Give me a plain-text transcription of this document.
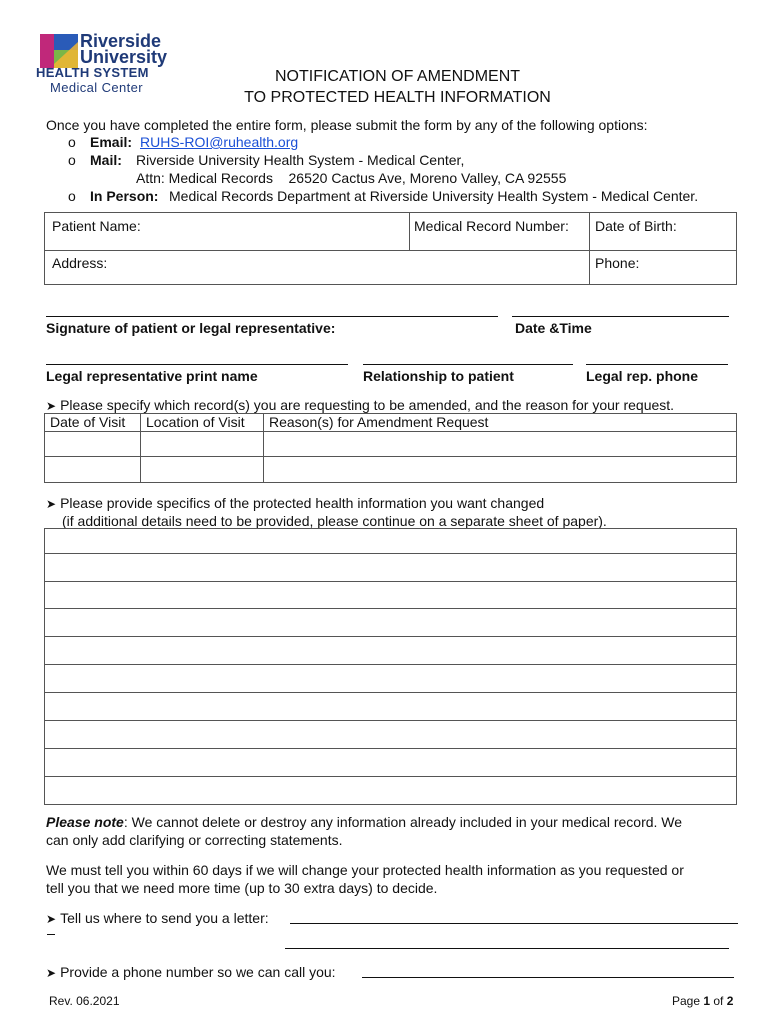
Riverside
University
HEALTH SYSTEM
Medical Center
NOTIFICATION OF AMENDMENT
TO PROTECTED HEALTH INFORMATION
Once you have completed the entire form, please submit the form by any of the following options:
o Email: RUHS-ROI@ruhealth.org
o Mail: Riverside University Health System - Medical Center,
Attn: Medical Records    26520 Cactus Ave, Moreno Valley, CA 92555
o In Person: Medical Records Department at Riverside University Health System - Medical Center.
Patient Name:	Medical Record Number: Date of Birth:
Address:	Phone:
Signature of patient or legal representative:	Date &Time
Legal representative print name	Relationship to patient	Legal rep. phone
➤ Please specify which record(s) you are requesting to be amended, and the reason for your request.
Date of Visit	Location of Visit	Reason(s) for Amendment Request

➤ Please provide specifics of the protected health information you want changed
(if additional details need to be provided, please continue on a separate sheet of paper).
Please note: We cannot delete or destroy any information already included in your medical record. We
can only add clarifying or correcting statements.
We must tell you within 60 days if we will change your protected health information as you requested or
tell you that we need more time (up to 30 extra days) to decide.
➤ Tell us where to send you a letter:
➤ Provide a phone number so we can call you:
Rev. 06.2021	Page 1 of 2
